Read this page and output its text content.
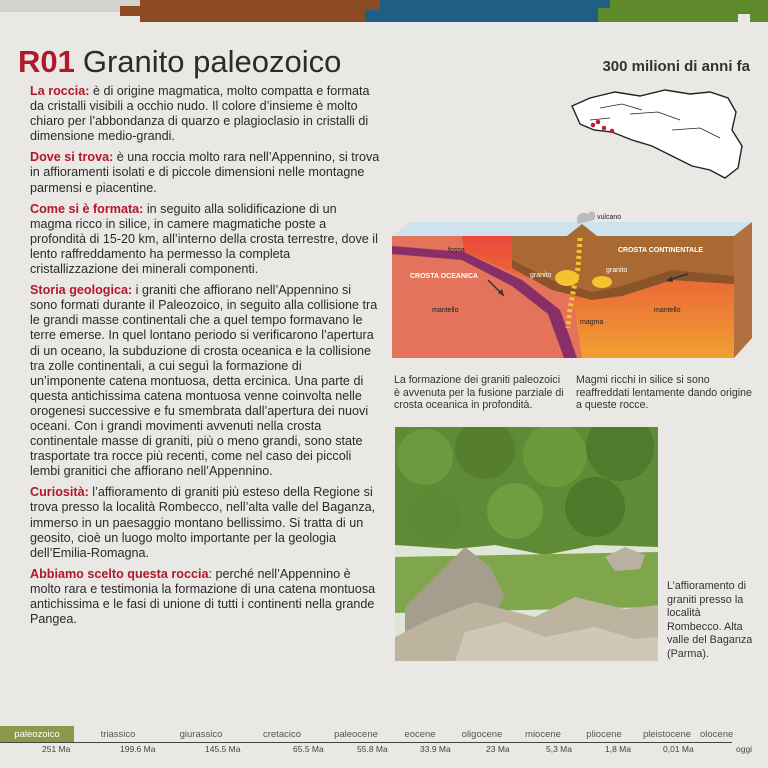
R01 Granito paleozoico	300 milioni di anni fa

La roccia: è di origine magmatica, molto compatta e formata da cristalli visibili a occhio nudo. Il colore d’insieme è molto chiaro per l’abbondanza di quarzo e plagioclasio in cristalli di dimensione medio-grandi.

Dove si trova: è una roccia molto rara nell’Appennino, si trova in affioramenti isolati e di piccole dimensioni nelle montagne parmensi e piacentine.

Come si è formata: in seguito alla solidificazione di un magma ricco in silice, in camere magmatiche poste a profondità di 15-20 km, all’interno della crosta terrestre, dove il lento raffreddamento ha permesso la completa cristallizzazione dei minerali componenti.

Storia geologica: i graniti che affiorano nell’Appennino si sono formati durante il Paleozoico, in seguito alla collisione tra le grandi masse continentali che a quel tempo formavano le terre emerse. In quel lontano periodo si verificarono l’apertura di un oceano, la subduzione di crosta oceanica e la collisione tra zolle continentali, a cui seguì la formazione di un’imponente catena montuosa, detta ercinica. Una parte di questa antichissima catena montuosa venne coinvolta nelle orogenesi successive e fu smembrata dall’apertura dei nuovi oceani. Con i grandi movimenti avvenuti nella crosta continentale masse di graniti, più o meno grandi, sono state trasportate tra rocce più recenti, come nel caso dei piccoli lembi granitici che affiorano nell’Appennino.

Curiosità: l’affioramento di graniti più esteso della Regione si trova presso la località Rombecco, nell’alta valle del Baganza, immerso in un paesaggio montano bellissimo. Si tratta di un geosito, cioè un luogo molto importante per la geologia dell’Emilia-Romagna.

Abbiamo scelto questa roccia: perché nell’Appennino è molto rara e testimonia la formazione di una catena montuosa antichissima e le fasi di unione di tutti i continenti nella grande Pangea.

vulcano
fossa	CROSTA CONTINENTALE
CROSTA OCEANICA	granito
granito
mantello	mantello
magma
La formazione dei graniti paleozoici è avvenuta per la fusione parziale di crosta oceanica in profondità.
Magmi ricchi in silice si sono reaffreddati lentamente dando origine a queste rocce.
L’affioramento di graniti presso la località Rombecco. Alta valle del Baganza (Parma).
paleozoico	triassico	giurassico	cretacico	paleocene	eocene	oligocene	miocene	pliocene	pleistocene olocene
251 Ma	199.6 Ma	145.5 Ma	65.5 Ma	55.8 Ma	33.9 Ma	23 Ma	5,3 Ma	1,8 Ma	0,01 Ma	oggi
